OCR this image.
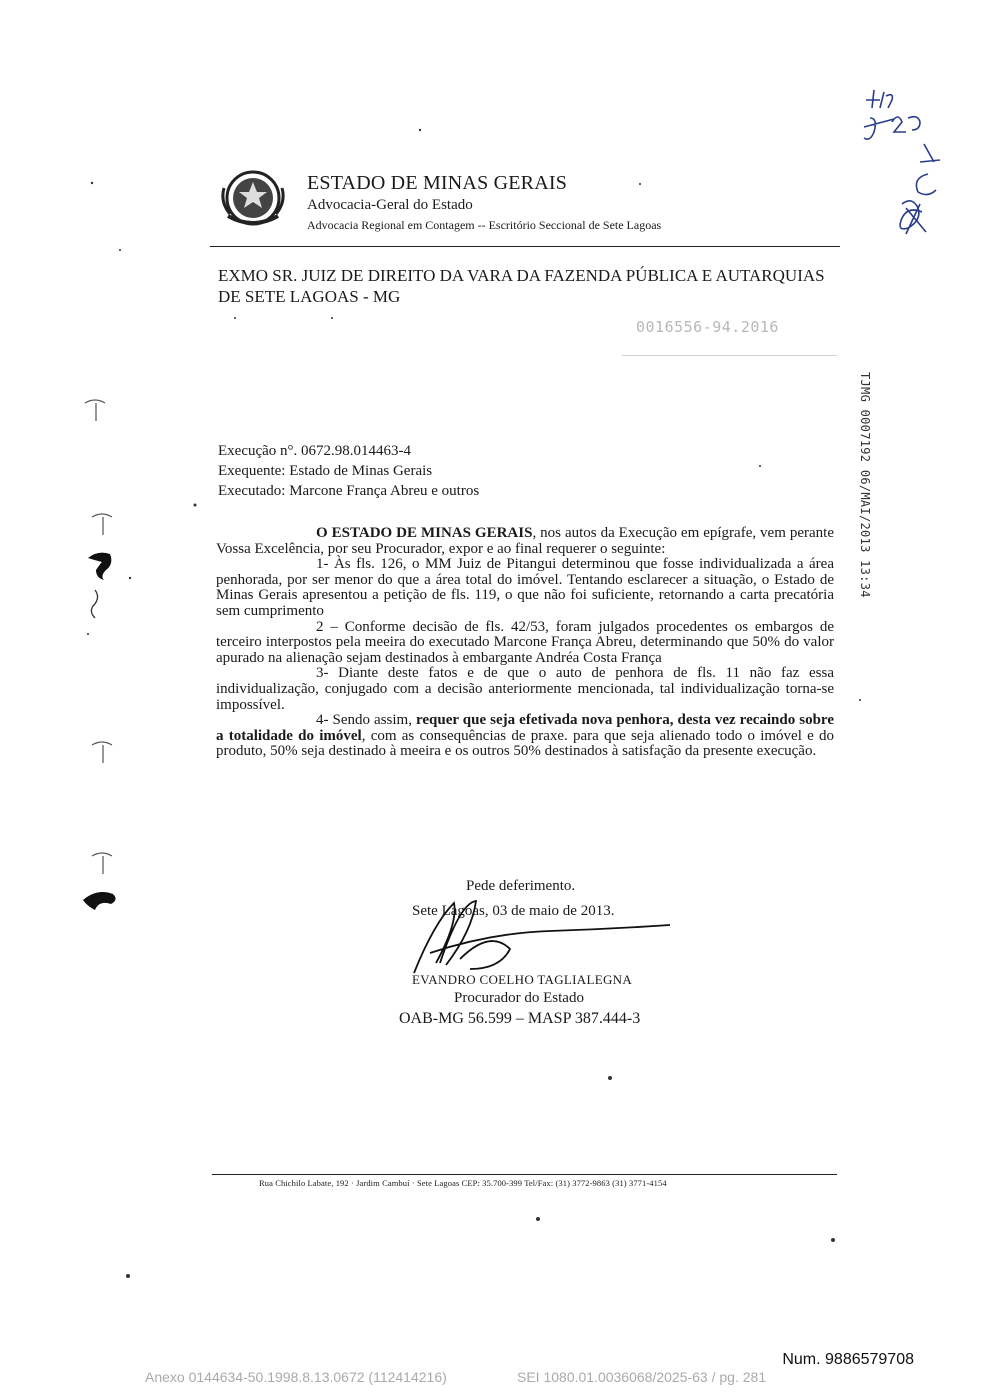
ESTADO DE MINAS GERAIS
Advocacia-Geral do Estado
Advocacia Regional em Contagem -- Escritório Seccional de Sete Lagoas
EXMO SR. JUIZ DE DIREITO DA VARA DA FAZENDA PÚBLICA E AUTARQUIAS
DE SETE LAGOAS - MG
0016556-94.2016
TJMG 0007192 06/MAI/2013 13:34
Execução n°. 0672.98.014463-4
Exequente: Estado de Minas Gerais
Executado: Marcone França Abreu e outros

O ESTADO DE MINAS GERAIS, nos autos da Execução em epígrafe, vem perante Vossa Excelência, por seu Procurador, expor e ao final requerer o seguinte:

1- Às fls. 126, o MM Juiz de Pitangui determinou que fosse individualizada a área penhorada, por ser menor do que a área total do imóvel. Tentando esclarecer a situação, o Estado de Minas Gerais apresentou a petição de fls. 119, o que não foi suficiente, retornando a carta precatória sem cumprimento

2 – Conforme decisão de fls. 42/53, foram julgados procedentes os embargos de terceiro interpostos pela meeira do executado Marcone França Abreu, determinando que 50% do valor apurado na alienação sejam destinados à embargante Andréa Costa França

3- Diante deste fatos e de que o auto de penhora de fls. 11 não faz essa individualização, conjugado com a decisão anteriormente mencionada, tal individualização torna-se impossível.

4- Sendo assim, requer que seja efetivada nova penhora, desta vez recaindo sobre a totalidade do imóvel, com as consequências de praxe. para que seja alienado todo o imóvel e do produto, 50% seja destinado à meeira e os outros 50% destinados à satisfação da presente execução.

Pede deferimento.
Sete Lagoas, 03 de maio de 2013.
EVANDRO COELHO TAGLIALEGNA
Procurador do Estado
OAB-MG 56.599 – MASP 387.444-3
Rua Chichilo Labate, 192 · Jardim Cambuí · Sete Lagoas CEP: 35.700-399 Tel/Fax: (31) 3772-9863 (31) 3771-4154
Num. 9886579708
Anexo 0144634-50.1998.8.13.0672 (112414216)	SEI 1080.01.0036068/2025-63 / pg. 281
